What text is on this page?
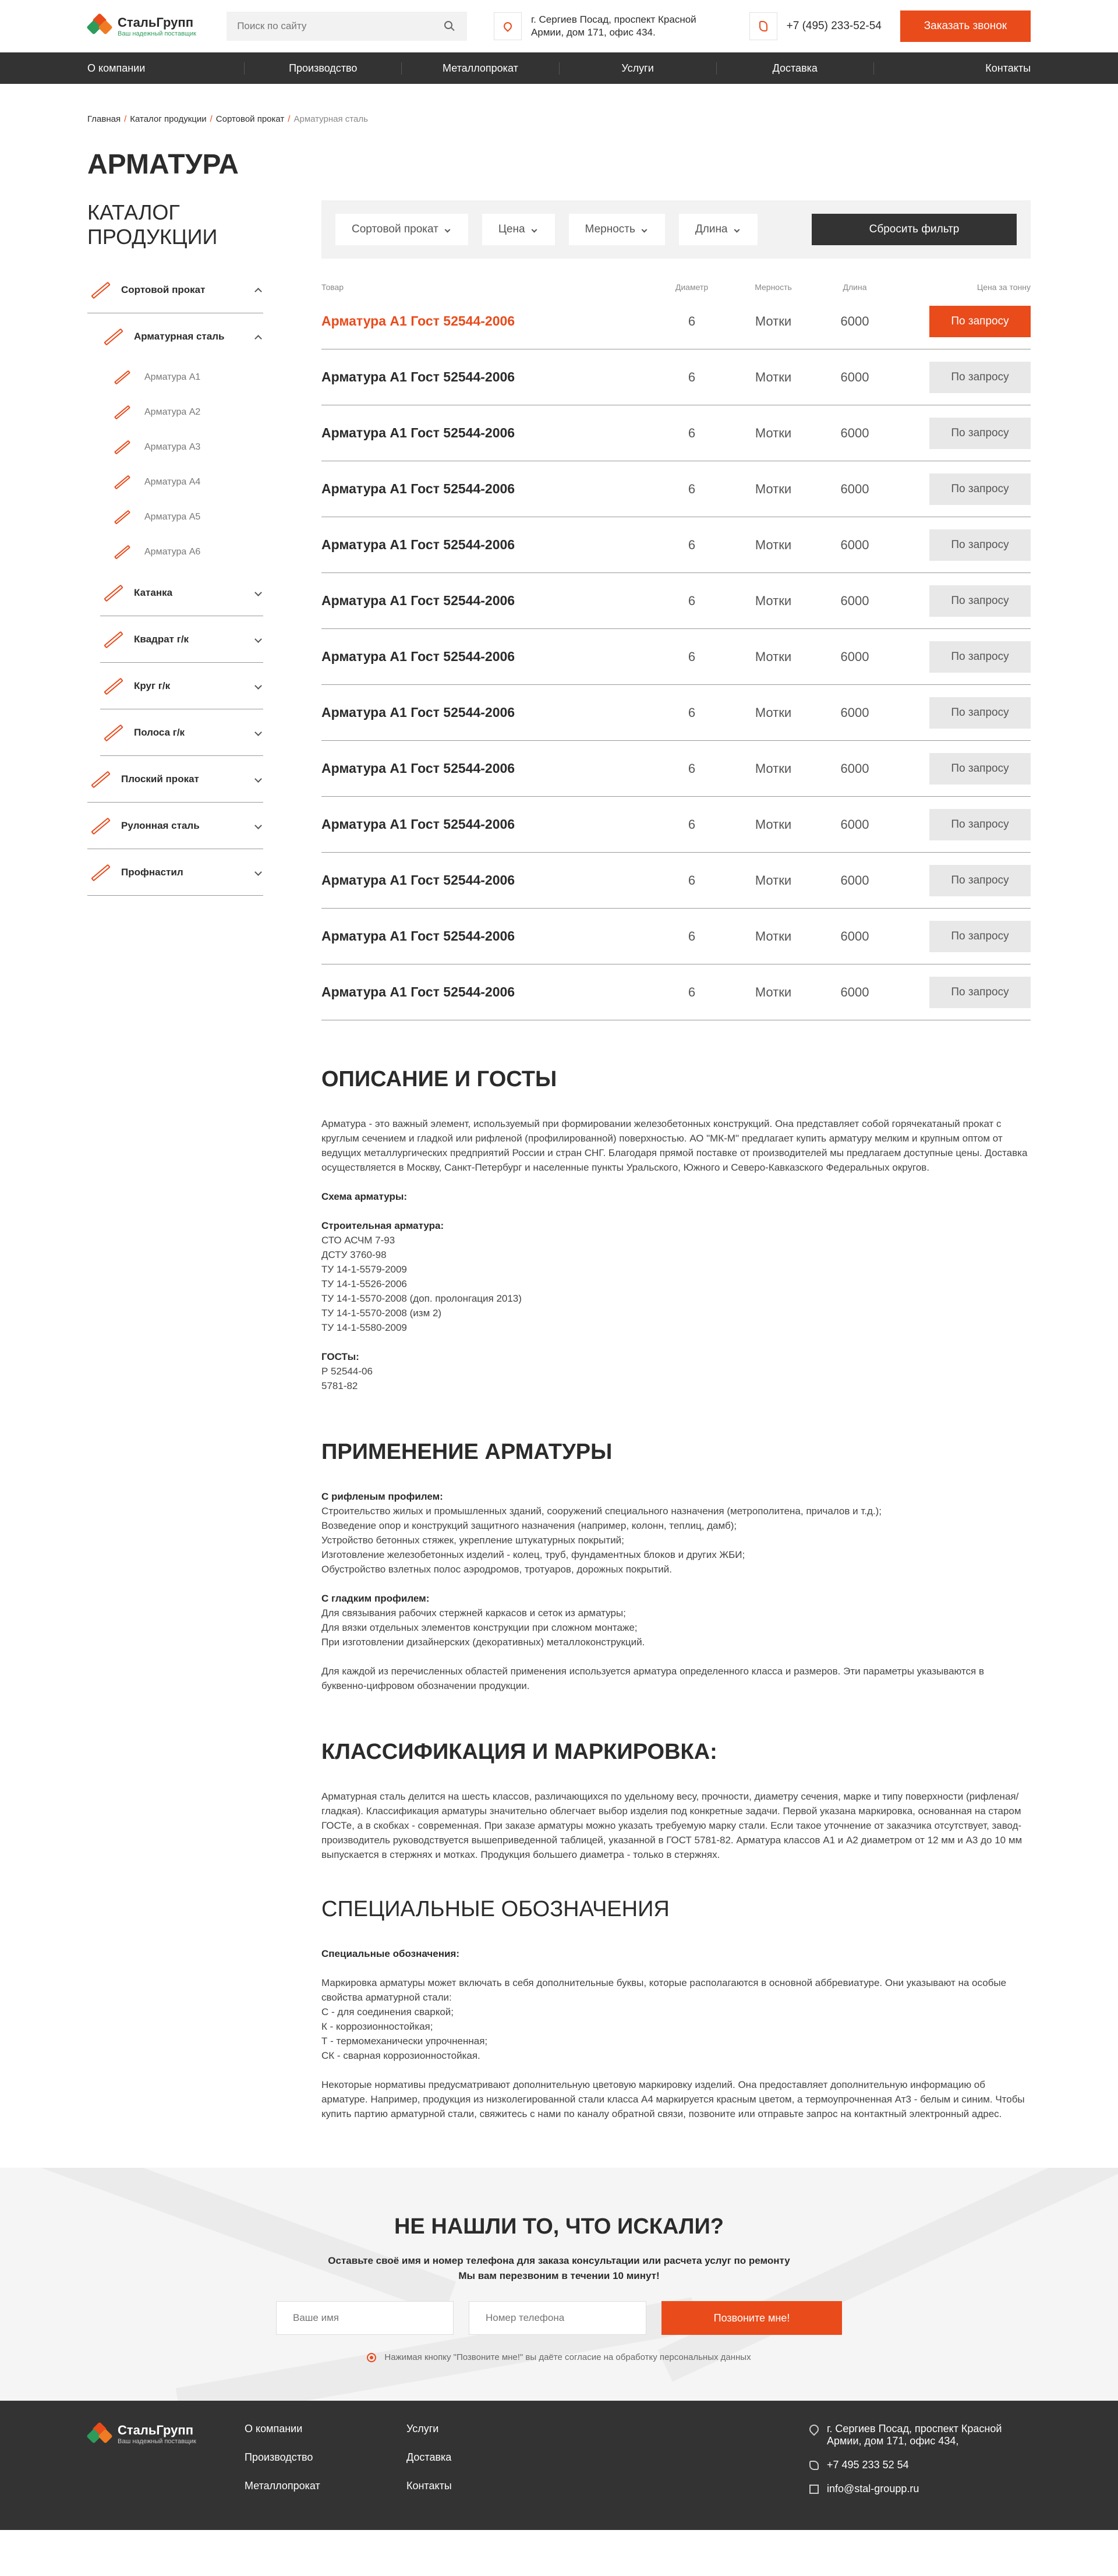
СтальГрупп
Ваш надежный поставщик
Поиск по сайту
г. Сергиев Посад, проспект Красной Армии, дом 171, офис 434.
+7 (495) 233-52-54	Заказать звонок
О компании	Производство	Металлопрокат	Услуги	Доставка	Контакты
Главная / Каталог продукции / Сортовой прокат / Арматурная сталь
АРМАТУРА
КАТАЛОГ ПРОДУКЦИИ
Сортовой прокат
Арматурная сталь
Арматура А1
Арматура А2
Арматура А3
Арматура А4
Арматура А5
Арматура А6
Катанка
Квадрат г/к
Круг г/к
Полоса г/к
Плоский прокат
Рулонная сталь
Профнастил
Сортовой прокат	Цена	Мерность	Длина	Сбросить фильтр
Товар	Диаметр	Мерность	Длина	Цена за тонну
Арматура А1 Гост 52544-2006	6	Мотки	6000	По запросу
Арматура А1 Гост 52544-2006	6	Мотки	6000	По запросу
Арматура А1 Гост 52544-2006	6	Мотки	6000	По запросу
Арматура А1 Гост 52544-2006	6	Мотки	6000	По запросу
Арматура А1 Гост 52544-2006	6	Мотки	6000	По запросу
Арматура А1 Гост 52544-2006	6	Мотки	6000	По запросу
Арматура А1 Гост 52544-2006	6	Мотки	6000	По запросу
Арматура А1 Гост 52544-2006	6	Мотки	6000	По запросу
Арматура А1 Гост 52544-2006	6	Мотки	6000	По запросу
Арматура А1 Гост 52544-2006	6	Мотки	6000	По запросу
Арматура А1 Гост 52544-2006	6	Мотки	6000	По запросу
Арматура А1 Гост 52544-2006	6	Мотки	6000	По запросу
Арматура А1 Гост 52544-2006	6	Мотки	6000	По запросу
ОПИСАНИЕ И ГОСТЫ

Арматура - это важный элемент, используемый при формировании железобетонных конструкций. Она представляет собой горячекатаный прокат с круглым сечением и гладкой или рифленой (профилированной) поверхностью. АО "МК-М" предлагает купить арматуру мелким и крупным оптом от ведущих металлургических предприятий России и стран СНГ. Благодаря прямой поставке от производителей мы предлагаем доступные цены. Доставка осуществляется в Москву, Санкт-Петербург и населенные пункты Уральского, Южного и Северо-Кавказского Федеральных округов.

Схема арматуры:

Строительная арматура:

СТО АСЧМ 7-93

ДСТУ 3760-98

ТУ 14-1-5579-2009

ТУ 14-1-5526-2006

ТУ 14-1-5570-2008 (доп. пролонгация 2013)

ТУ 14-1-5570-2008 (изм 2)

ТУ 14-1-5580-2009

ГОСТы:

Р 52544-06

5781-82

ПРИМЕНЕНИЕ АРМАТУРЫ

С рифленым профилем:

Строительство жилых и промышленных зданий, сооружений специального назначения (метрополитена, причалов и т.д.);

Возведение опор и конструкций защитного назначения (например, колонн, теплиц, дамб);

Устройство бетонных стяжек, укрепление штукатурных покрытий;

Изготовление железобетонных изделий - колец, труб, фундаментных блоков и других ЖБИ;

Обустройство взлетных полос аэродромов, тротуаров, дорожных покрытий.

С гладким профилем:

Для связывания рабочих стержней каркасов и сеток из арматуры;

Для вязки отдельных элементов конструкции при сложном монтаже;

При изготовлении дизайнерских (декоративных) металлоконструкций.

Для каждой из перечисленных областей применения используется арматура определенного класса и размеров. Эти параметры указываются в буквенно-цифровом обозначении продукции.

КЛАССИФИКАЦИЯ И МАРКИРОВКА:

Арматурная сталь делится на шесть классов, различающихся по удельному весу, прочности, диаметру сечения, марке и типу поверхности (рифленая/гладкая). Классификация арматуры значительно облегчает выбор изделия под конкретные задачи. Первой указана маркировка, основанная на старом ГОСТе, а в скобках - современная. При заказе арматуры можно указать требуемую марку стали. Если такое уточнение от заказчика отсутствует, завод-производитель руководствуется вышеприведенной таблицей, указанной в ГОСТ 5781-82. Арматура классов А1 и А2 диаметром от 12 мм и А3 до 10 мм выпускается в стержнях и мотках. Продукция большего диаметра - только в стержнях.

СПЕЦИАЛЬНЫЕ ОБОЗНАЧЕНИЯ

Специальные обозначения:

Маркировка арматуры может включать в себя дополнительные буквы, которые располагаются в основной аббревиатуре. Они указывают на особые свойства арматурной стали:

С - для соединения сваркой;

К - коррозионностойкая;

Т - термомеханически упрочненная;

СК - сварная коррозионностойкая.

Некоторые нормативы предусматривают дополнительную цветовую маркировку изделий. Она предоставляет дополнительную информацию об арматуре. Например, продукция из низколегированной стали класса А4 маркируется красным цветом, а термоупрочненная Ат3 - белым и синим. Чтобы купить партию арматурной стали, свяжитесь с нами по каналу обратной связи, позвоните или отправьте запрос на контактный электронный адрес.

НЕ НАШЛИ ТО, ЧТО ИСКАЛИ?
Оставьте своё имя и номер телефона для заказа консультации или расчета услуг по ремонту
Мы вам перезвоним в течении 10 минут!
Ваше имя
Номер телефона
Позвоните мне!
Нажимая кнопку "Позвоните мне!" вы даёте согласие на обработку персональных данных
СтальГрупп
Ваш надежный поставщик
О компании
Производство
Металлопрокат
Услуги
Доставка
Контакты
г. Сергиев Посад, проспект Красной Армии, дом 171, офис 434,
+7 495 233 52 54
info@stal-groupp.ru
